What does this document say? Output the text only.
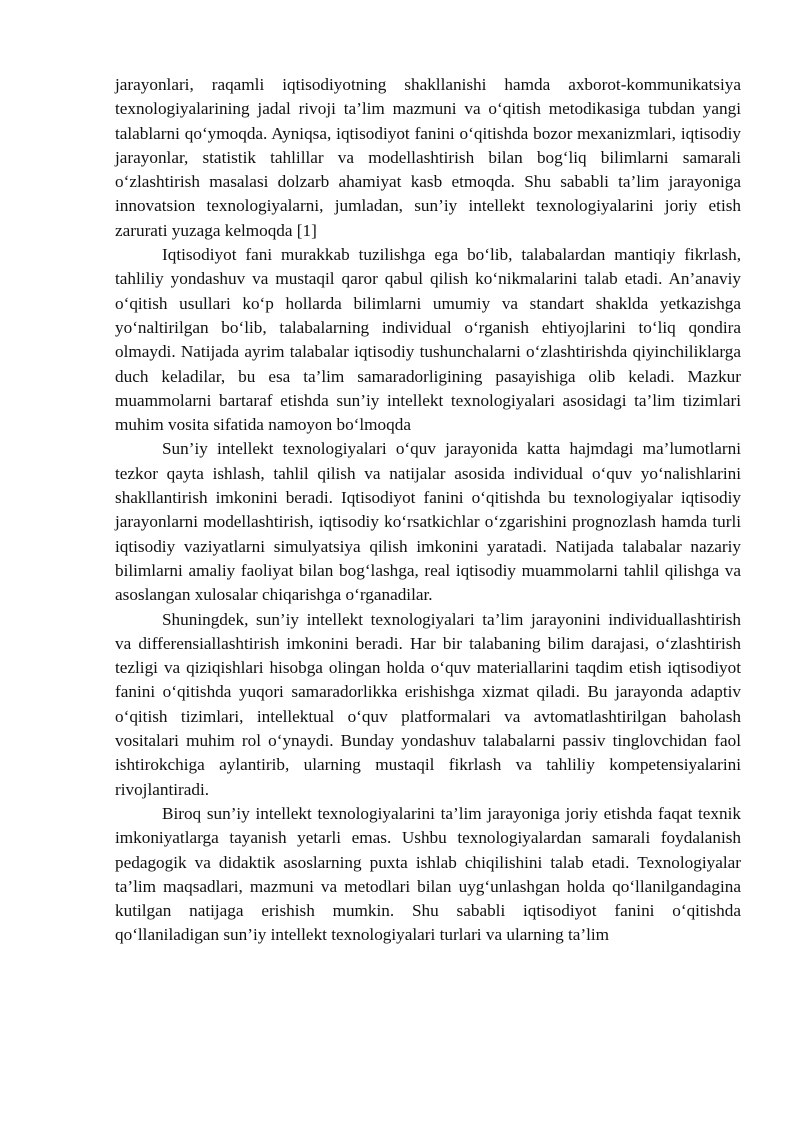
jarayonlari, raqamli iqtisodiyotning shakllanishi hamda axborot-kommunikatsiya texnologiyalarining jadal rivoji ta’lim mazmuni va o‘qitish metodikasiga tubdan yangi talablarni qo‘ymoqda. Ayniqsa, iqtisodiyot fanini o‘qitishda bozor mexanizmlari, iqtisodiy jarayonlar, statistik tahlillar va modellashtirish bilan bog‘liq bilimlarni samarali o‘zlashtirish masalasi dolzarb ahamiyat kasb etmoqda. Shu sababli ta’lim jarayoniga innovatsion texnologiyalarni, jumladan, sun’iy intellekt texnologiyalarini joriy etish zarurati yuzaga kelmoqda [1]

Iqtisodiyot fani murakkab tuzilishga ega bo‘lib, talabalardan mantiqiy fikrlash, tahliliy yondashuv va mustaqil qaror qabul qilish ko‘nikmalarini talab etadi. An’anaviy o‘qitish usullari ko‘p hollarda bilimlarni umumiy va standart shaklda yetkazishga yo‘naltirilgan bo‘lib, talabalarning individual o‘rganish ehtiyojlarini to‘liq qondira olmaydi. Natijada ayrim talabalar iqtisodiy tushunchalarni o‘zlashtirishda qiyinchiliklarga duch keladilar, bu esa ta’lim samaradorligining pasayishiga olib keladi. Mazkur muammolarni bartaraf etishda sun’iy intellekt texnologiyalari asosidagi ta’lim tizimlari muhim vosita sifatida namoyon bo‘lmoqda

Sun’iy intellekt texnologiyalari o‘quv jarayonida katta hajmdagi ma’lumotlarni tezkor qayta ishlash, tahlil qilish va natijalar asosida individual o‘quv yo‘nalishlarini shakllantirish imkonini beradi. Iqtisodiyot fanini o‘qitishda bu texnologiyalar iqtisodiy jarayonlarni modellashtirish, iqtisodiy ko‘rsatkichlar o‘zgarishini prognozlash hamda turli iqtisodiy vaziyatlarni simulyatsiya qilish imkonini yaratadi. Natijada talabalar nazariy bilimlarni amaliy faoliyat bilan bog‘lashga, real iqtisodiy muammolarni tahlil qilishga va asoslangan xulosalar chiqarishga o‘rganadilar.

Shuningdek, sun’iy intellekt texnologiyalari ta’lim jarayonini individuallashtirish va differensiallashtirish imkonini beradi. Har bir talabaning bilim darajasi, o‘zlashtirish tezligi va qiziqishlari hisobga olingan holda o‘quv materiallarini taqdim etish iqtisodiyot fanini o‘qitishda yuqori samaradorlikka erishishga xizmat qiladi. Bu jarayonda adaptiv o‘qitish tizimlari, intellektual o‘quv platformalari va avtomatlashtirilgan baholash vositalari muhim rol o‘ynaydi. Bunday yondashuv talabalarni passiv tinglovchidan faol ishtirokchiga aylantirib, ularning mustaqil fikrlash va tahliliy kompetensiyalarini rivojlantiradi.

Biroq sun’iy intellekt texnologiyalarini ta’lim jarayoniga joriy etishda faqat texnik imkoniyatlarga tayanish yetarli emas. Ushbu texnologiyalardan samarali foydalanish pedagogik va didaktik asoslarning puxta ishlab chiqilishini talab etadi. Texnologiyalar ta’lim maqsadlari, mazmuni va metodlari bilan uyg‘unlashgan holda qo‘llanilgandagina kutilgan natijaga erishish mumkin. Shu sababli iqtisodiyot fanini o‘qitishda qo‘llaniladigan sun’iy intellekt texnologiyalari turlari va ularning ta’lim
